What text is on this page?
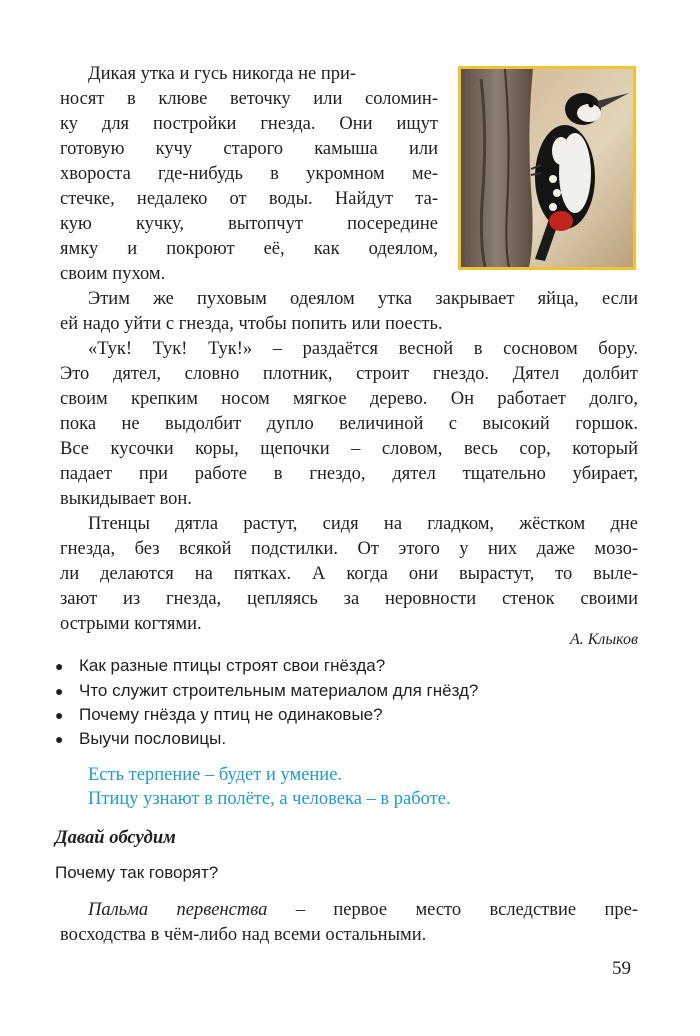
Дикая утка и гусь никогда не при-

носят в клюве веточку или соломин-

ку для постройки гнезда. Они ищут

готовую кучу старого камыша или

хвороста где-нибудь в укромном ме-

стечке, недалеко от воды. Найдут та-

кую кучку, вытопчут посередине

ямку и покроют её, как одеялом,

своим пухом.

Этим же пуховым одеялом утка закрывает яйца, если

ей надо уйти с гнезда, чтобы попить или поесть.

«Тук! Тук! Тук!» – раздаётся весной в сосновом бору.

Это дятел, словно плотник, строит гнездо. Дятел долбит

своим крепким носом мягкое дерево. Он работает долго,

пока не выдолбит дупло величиной с высокий горшок.

Все кусочки коры, щепочки – словом, весь сор, который

падает при работе в гнездо, дятел тщательно убирает,

выкидывает вон.

Птенцы дятла растут, сидя на гладком, жёстком дне

гнезда, без всякой подстилки. От этого у них даже мозо-

ли делаются на пятках. А когда они вырастут, то выле-

зают из гнезда, цепляясь за неровности стенок своими

острыми когтями.

А. Клыков

● Как разные птицы строят свои гнёзда?
● Что служит строительным материалом для гнёзд?
● Почему гнёзда у птиц не одинаковые?
● Выучи пословицы.

Есть терпение – будет и умение.

Птицу узнают в полёте, а человека – в работе.

Давай обсудим

Почему так говорят?

Пальма первенства – первое место вследствие пре-

восходства в чём-либо над всеми остальными.

59
